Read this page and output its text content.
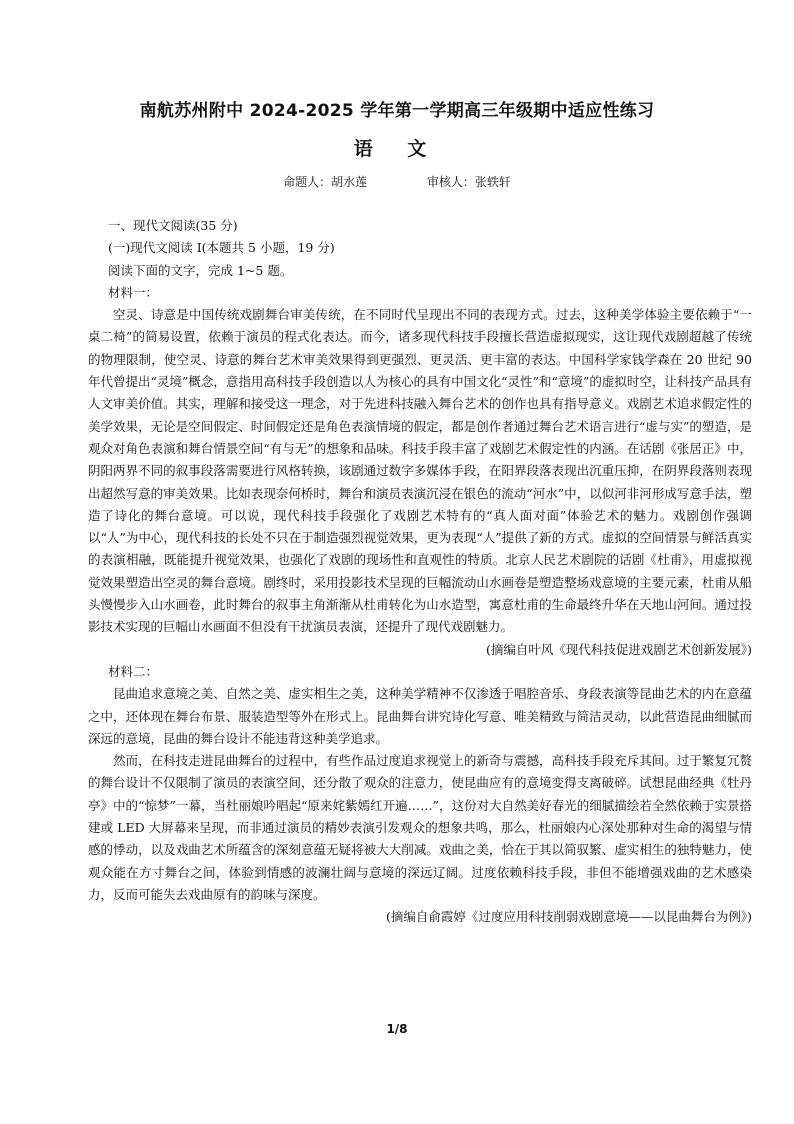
南航苏州附中 2024-2025 学年第一学期高三年级期中适应性练习
语 文
命题人：胡水莲	审核人：张轶轩
一、现代文阅读(35 分)
(一)现代文阅读 I(本题共 5 小题，19 分)
阅读下面的文字，完成 1~5 题。
材料一：

空灵、诗意是中国传统戏剧舞台审美传统，在不同时代呈现出不同的表现方式。过去，这种美学体验主要依赖于“一桌二椅”的简易设置，依赖于演员的程式化表达。而今，诸多现代科技手段擅长营造虚拟现实，这让现代戏剧超越了传统的物理限制，使空灵、诗意的舞台艺术审美效果得到更强烈、更灵活、更丰富的表达。中国科学家钱学森在 20 世纪 90 年代曾提出“灵境”概念，意指用高科技手段创造以人为核心的具有中国文化“灵性”和“意境”的虚拟时空，让科技产品具有人文审美价值。其实，理解和接受这一理念，对于先进科技融入舞台艺术的创作也具有指导意义。戏剧艺术追求假定性的美学效果，无论是空间假定、时间假定还是角色表演情境的假定，都是创作者通过舞台艺术语言进行“虚与实”的塑造，是观众对角色表演和舞台情景空间“有与无”的想象和品味。科技手段丰富了戏剧艺术假定性的内涵。在话剧《张居正》中，阴阳两界不同的叙事段落需要进行风格转换，该剧通过数字多媒体手段，在阳界段落表现出沉重压抑，在阴界段落则表现出超然写意的审美效果。比如表现奈何桥时，舞台和演员表演沉浸在银色的流动“河水”中，以似河非河形成写意手法，塑造了诗化的舞台意境。可以说，现代科技手段强化了戏剧艺术特有的“真人面对面”体验艺术的魅力。戏剧创作强调以“人”为中心，现代科技的长处不只在于制造强烈视觉效果，更为表现“人”提供了新的方式。虚拟的空间情景与鲜活真实的表演相融，既能提升视觉效果，也强化了戏剧的现场性和直观性的特质。北京人民艺术剧院的话剧《杜甫》，用虚拟视觉效果塑造出空灵的舞台意境。剧终时，采用投影技术呈现的巨幅流动山水画卷是塑造整场戏意境的主要元素，杜甫从船头慢慢步入山水画卷，此时舞台的叙事主角渐渐从杜甫转化为山水造型，寓意杜甫的生命最终升华在天地山河间。通过投影技术实现的巨幅山水画面不但没有干扰演员表演，还提升了现代戏剧魅力。

(摘编自叶风《现代科技促进戏剧艺术创新发展》)

材料二：

昆曲追求意境之美、自然之美、虚实相生之美，这种美学精神不仅渗透于唱腔音乐、身段表演等昆曲艺术的内在意蕴之中，还体现在舞台布景、服装造型等外在形式上。昆曲舞台讲究诗化写意、唯美精致与简洁灵动，以此营造昆曲细腻而深远的意境，昆曲的舞台设计不能违背这种美学追求。

然而，在科技走进昆曲舞台的过程中，有些作品过度追求视觉上的新奇与震撼，高科技手段充斥其间。过于繁复冗赘的舞台设计不仅限制了演员的表演空间，还分散了观众的注意力，使昆曲应有的意境变得支离破碎。试想昆曲经典《牡丹亭》中的“惊梦”一幕，当杜丽娘吟唱起“原来姹紫嫣红开遍……”，这份对大自然美好春光的细腻描绘若全然依赖于实景搭建或 LED 大屏幕来呈现，而非通过演员的精妙表演引发观众的想象共鸣，那么，杜丽娘内心深处那种对生命的渴望与情感的悸动，以及戏曲艺术所蕴含的深刻意蕴无疑将被大大削减。戏曲之美，恰在于其以简驭繁、虚实相生的独特魅力，使观众能在方寸舞台之间，体验到情感的波澜壮阔与意境的深远辽阔。过度依赖科技手段，非但不能增强戏曲的艺术感染力，反而可能失去戏曲原有的韵味与深度。

(摘编自俞霞婷《过度应用科技削弱戏剧意境——以昆曲舞台为例》)

1/8
